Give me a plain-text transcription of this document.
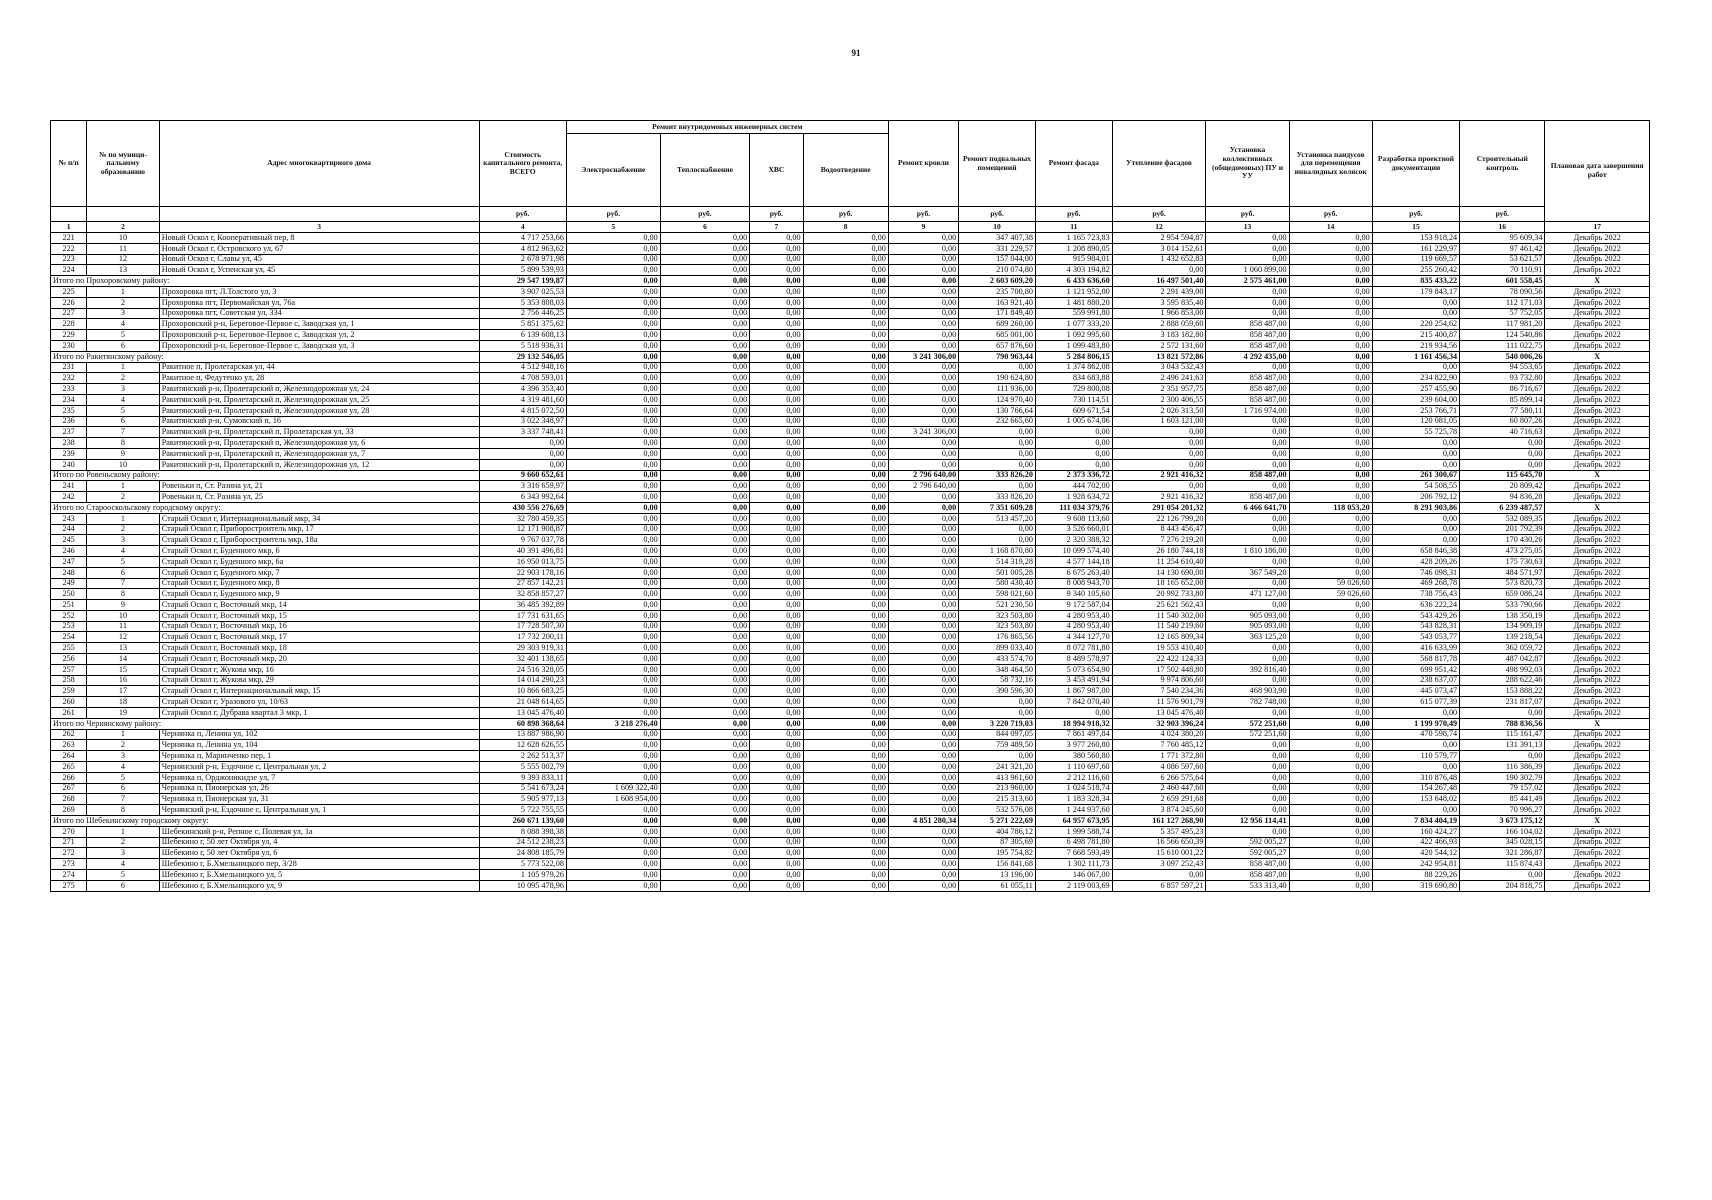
91
№ п/п	№ по муници-пальному образованию	Адрес многоквартирного дома	Стоимость капитального ремонта, ВСЕГО	Ремонт внутридомовых инженерных систем				Ремонт кровли	Ремонт подвальных помещений	Ремонт фасада	Утепление фасадов	Установка коллективных (общедомовых) ПУ и УУ	Установка пандусов для перемещения инвалидных колясок	Разработка проектной документации	Строительный контроль	Плановая дата завершения работ
				Электроснабжение	Теплоснабжение	ХВС	Водоотведение									
			руб.	руб.	руб.	руб.	руб.	руб.	руб.	руб.	руб.	руб.	руб.	руб.	руб.	
1	2	3	4	5	6	7	8	9	10	11	12	13	14	15	16	17
221	10	Новый Оскол г, Кооперативный пер, 8	4 717 253,66	0,00	0,00	0,00	0,00	0,00	347 407,38	1 165 723,83	2 954 594,87	0,00	0,00	153 918,24	95 609,34	Декабрь 2022
222	11	Новый Оскол г, Островского ул, 67	4 812 963,62	0,00	0,00	0,00	0,00	0,00	331 229,57	1 208 890,05	3 014 152,61	0,00	0,00	161 229,97	97 461,42	Декабрь 2022
223	12	Новый Оскол г, Славы ул, 45	2 678 971,98	0,00	0,00	0,00	0,00	0,00	157 044,00	915 984,01	1 432 652,83	0,00	0,00	119 669,57	53 621,57	Декабрь 2022
224	13	Новый Оскол г, Успенская ул, 45	5 899 539,93	0,00	0,00	0,00	0,00	0,00	210 074,80	4 303 194,82	0,00	1 060 899,00	0,00	255 260,42	70 110,91	Декабрь 2022
Итого по Прохоровскому району:			29 547 199,87	0,00	0,00	0,00	0,00	0,00	2 603 609,20	6 433 636,60	16 497 501,40	2 575 461,00	0,00	835 433,22	601 558,45	X
225	1	Прохоровка пгт, Л.Толстого ул, 3	3 907 025,53	0,00	0,00	0,00	0,00	0,00	235 700,80	1 121 952,00	2 291 439,00	0,00	0,00	179 843,17	78 090,56	Декабрь 2022
226	2	Прохоровка пгт, Первомайская ул, 76а	5 353 808,03	0,00	0,00	0,00	0,00	0,00	163 921,40	1 481 880,20	3 595 835,40	0,00	0,00	0,00	112 171,03	Декабрь 2022
227	3	Прохоровка пгт, Советская ул, 334	2 756 446,25	0,00	0,00	0,00	0,00	0,00	171 849,40	559 991,80	1 966 853,00	0,00	0,00	0,00	57 752,05	Декабрь 2022
228	4	Прохоровский р-н, Береговое-Первое с, Заводская ул, 1	5 851 375,62	0,00	0,00	0,00	0,00	0,00	689 260,00	1 077 333,20	2 888 059,60	858 487,00	0,00	220 254,62	117 981,20	Декабрь 2022
229	5	Прохоровский р-н, Береговое-Первое с, Заводская ул, 2	6 139 608,13	0,00	0,00	0,00	0,00	0,00	685 001,00	1 092 995,60	3 183 182,80	858 487,00	0,00	215 400,87	124 540,86	Декабрь 2022
230	6	Прохоровский р-н, Береговое-Первое с, Заводская ул, 3	5 518 936,31	0,00	0,00	0,00	0,00	0,00	657 876,60	1 099 483,80	2 572 131,60	858 487,00	0,00	219 934,56	111 022,75	Декабрь 2022
Итого по Ракитянскому району:			29 132 546,05	0,00	0,00	0,00	0,00	3 241 306,00	790 963,44	5 284 806,15	13 821 572,86	4 292 435,00	0,00	1 161 456,34	540 006,26	X
231	1	Ракитное п, Пролетарская ул, 44	4 512 948,16	0,00	0,00	0,00	0,00	0,00	0,00	1 374 862,08	3 043 532,43	0,00	0,00	0,00	94 553,65	Декабрь 2022
232	2	Ракитное п, Федутенко ул, 28	4 708 593,01	0,00	0,00	0,00	0,00	0,00	190 624,80	834 683,88	2 496 241,63	858 487,00	0,00	234 822,90	93 732,80	Декабрь 2022
233	3	Ракитянский р-н, Пролетарский п, Железнодорожная ул, 24	4 396 353,40	0,00	0,00	0,00	0,00	0,00	111 936,00	729 800,08	2 351 957,75	858 487,00	0,00	257 455,90	86 716,67	Декабрь 2022
234	4	Ракитянский р-н, Пролетарский п, Железнодорожная ул, 25	4 319 481,60	0,00	0,00	0,00	0,00	0,00	124 970,40	730 114,51	2 300 406,55	858 487,00	0,00	239 604,00	85 899,14	Декабрь 2022
235	5	Ракитянский р-н, Пролетарский п, Железнодорожная ул, 28	4 815 072,50	0,00	0,00	0,00	0,00	0,00	130 766,64	609 671,54	2 026 313,50	1 716 974,00	0,00	253 766,71	77 580,11	Декабрь 2022
236	6	Ракитянский р-н, Сумовский п, 16	3 022 348,97	0,00	0,00	0,00	0,00	0,00	232 665,60	1 005 674,06	1 603 121,00	0,00	0,00	120 081,05	60 807,26	Декабрь 2022
237	7	Ракитянский р-н, Пролетарский п, Пролетарская ул, 33	3 337 748,41	0,00	0,00	0,00	0,00	3 241 306,00	0,00	0,00	0,00	0,00	0,00	55 725,78	40 716,63	Декабрь 2022
238	8	Ракитянский р-н, Пролетарский п, Железнодорожная ул, 6	0,00	0,00	0,00	0,00	0,00	0,00	0,00	0,00	0,00	0,00	0,00	0,00	0,00	Декабрь 2022
239	9	Ракитянский р-н, Пролетарский п, Железнодорожная ул, 7	0,00	0,00	0,00	0,00	0,00	0,00	0,00	0,00	0,00	0,00	0,00	0,00	0,00	Декабрь 2022
240	10	Ракитянский р-н, Пролетарский п, Железнодорожная ул, 12	0,00	0,00	0,00	0,00	0,00	0,00	0,00	0,00	0,00	0,00	0,00	0,00	0,00	Декабрь 2022
Итого по Ровеньскому району:			9 660 652,61	0,00	0,00	0,00	0,00	2 796 640,00	333 826,20	2 373 336,72	2 921 416,32	858 487,00	0,00	261 300,67	115 645,70	X
241	1	Ровеньки п, Ст. Разина ул, 21	3 316 659,97	0,00	0,00	0,00	0,00	2 796 640,00	0,00	444 702,00	0,00	0,00	0,00	54 508,55	20 809,42	Декабрь 2022
242	2	Ровеньки п, Ст. Разина ул, 25	6 343 992,64	0,00	0,00	0,00	0,00	0,00	333 826,20	1 928 634,72	2 921 416,32	858 487,00	0,00	206 792,12	94 836,28	Декабрь 2022
Итого по Старооскольскому городскому округу:			430 556 276,69	0,00	0,00	0,00	0,00	0,00	7 351 609,28	111 034 379,76	291 054 201,32	6 466 641,70	118 053,20	8 291 903,86	6 239 487,57	X
243	1	Старый Оскол г, Интернациональный мкр, 34	32 780 459,35	0,00	0,00	0,00	0,00	0,00	513 457,20	9 608 113,60	22 126 799,20	0,00	0,00	0,00	532 089,35	Декабрь 2022
244	2	Старый Оскол г, Приборостроитель мкр, 17	12 171 908,87	0,00	0,00	0,00	0,00	0,00	0,00	3 526 660,01	8 443 456,47	0,00	0,00	0,00	201 792,39	Декабрь 2022
245	3	Старый Оскол г, Приборостроитель мкр, 18а	9 767 037,78	0,00	0,00	0,00	0,00	0,00	0,00	2 320 388,32	7 276 219,20	0,00	0,00	0,00	170 430,26	Декабрь 2022
246	4	Старый Оскол г, Буденного мкр, 6	40 391 496,81	0,00	0,00	0,00	0,00	0,00	1 168 870,80	10 099 574,40	26 180 744,18	1 810 186,00	0,00	658 846,38	473 275,05	Декабрь 2022
247	5	Старый Оскол г, Буденного мкр, 6а	16 950 013,75	0,00	0,00	0,00	0,00	0,00	514 319,28	4 577 144,18	11 254 610,40	0,00	0,00	428 209,26	175 730,63	Декабрь 2022
248	6	Старый Оскол г, Буденного мкр, 7	22 903 178,16	0,00	0,00	0,00	0,00	0,00	501 005,28	6 675 263,40	14 130 690,00	367 549,20	0,00	746 098,31	484 571,97	Декабрь 2022
249	7	Старый Оскол г, Буденного мкр, 8	27 857 142,21	0,00	0,00	0,00	0,00	0,00	580 430,40	8 008 943,70	18 165 652,00	0,00	59 026,60	469 268,78	573 820,73	Декабрь 2022
250	8	Старый Оскол г, Буденного мкр, 9	32 858 857,27	0,00	0,00	0,00	0,00	0,00	598 021,60	9 340 105,60	20 992 733,80	471 127,00	59 026,60	738 756,43	659 086,24	Декабрь 2022
251	9	Старый Оскол г, Восточный мкр, 14	36 485 392,89	0,00	0,00	0,00	0,00	0,00	521 230,50	9 172 587,04	25 621 562,43	0,00	0,00	636 222,24	533 790,66	Декабрь 2022
252	10	Старый Оскол г, Восточный мкр, 15	17 731 631,65	0,00	0,00	0,00	0,00	0,00	323 503,80	4 280 953,40	11 540 302,00	905 093,00	0,00	543 429,26	138 350,19	Декабрь 2022
253	11	Старый Оскол г, Восточный мкр, 16	17 728 507,30	0,00	0,00	0,00	0,00	0,00	323 503,80	4 280 953,40	11 540 219,60	905 093,00	0,00	543 828,31	134 909,19	Декабрь 2022
254	12	Старый Оскол г, Восточный мкр, 17	17 732 200,11	0,00	0,00	0,00	0,00	0,00	176 865,56	4 344 127,70	12 165 809,34	363 125,20	0,00	543 053,77	139 218,54	Декабрь 2022
255	13	Старый Оскол г, Восточный мкр, 18	29 303 919,31	0,00	0,00	0,00	0,00	0,00	899 033,40	8 072 781,80	19 553 410,40	0,00	0,00	416 633,99	362 059,72	Декабрь 2022
256	14	Старый Оскол г, Восточный мкр, 20	32 401 138,65	0,00	0,00	0,00	0,00	0,00	433 574,70	8 489 578,97	22 422 124,33	0,00	0,00	568 817,78	487 042,87	Декабрь 2022
257	15	Старый Оскол г, Жукова мкр, 16	24 516 328,05	0,00	0,00	0,00	0,00	0,00	348 464,50	5 073 654,90	17 502 448,80	392 816,40	0,00	699 951,42	498 992,03	Декабрь 2022
258	16	Старый Оскол г, Жукова мкр, 29	14 014 290,23	0,00	0,00	0,00	0,00	0,00	58 732,16	3 453 491,94	9 974 806,60	0,00	0,00	238 637,07	288 622,46	Декабрь 2022
259	17	Старый Оскол г, Интернациональный мкр, 15	10 866 683,25	0,00	0,00	0,00	0,00	0,00	390 596,30	1 867 987,00	7 540 234,36	468 903,90	0,00	445 073,47	153 888,22	Декабрь 2022
260	18	Старый Оскол г, Уразового ул, 10/63	21 048 614,65	0,00	0,00	0,00	0,00	0,00	0,00	7 842 070,40	11 576 901,79	782 748,00	0,00	615 077,39	231 817,07	Декабрь 2022
261	19	Старый Оскол г, Дубрава квартал 3 мкр, 1	13 045 476,40	0,00	0,00	0,00	0,00	0,00	0,00	0,00	13 045 476,40	0,00	0,00	0,00	0,00	Декабрь 2022
Итого по Чернянскому району:			60 898 368,64	3 218 276,40	0,00	0,00	0,00	0,00	3 220 719,03	18 994 918,32	32 903 396,24	572 251,60	0,00	1 199 970,49	788 836,56	X
262	1	Чернянка п, Ленина ул, 102	13 887 986,90	0,00	0,00	0,00	0,00	0,00	844 097,05	7 861 497,84	4 024 380,20	572 251,60	0,00	470 598,74	115 161,47	Декабрь 2022
263	2	Чернянка п, Ленина ул, 104	12 628 626,55	0,00	0,00	0,00	0,00	0,00	759 489,50	3 977 260,80	7 760 485,12	0,00	0,00	0,00	131 391,13	Декабрь 2022
264	3	Чернянка п, Маринченко пер, 1	2 262 513,37	0,00	0,00	0,00	0,00	0,00	0,00	380 560,80	1 771 372,80	0,00	0,00	110 579,77	0,00	Декабрь 2022
265	4	Чернянский р-н, Ездочное с, Центральная ул, 2	5 555 002,79	0,00	0,00	0,00	0,00	0,00	241 321,20	1 110 697,60	4 086 597,60	0,00	0,00	0,00	116 386,39	Декабрь 2022
266	5	Чернянка п, Орджоникидзе ул, 7	9 393 833,11	0,00	0,00	0,00	0,00	0,00	413 961,60	2 212 116,60	6 266 575,64	0,00	0,00	310 876,48	190 302,79	Декабрь 2022
267	6	Чернянка п, Пионерская ул, 26	5 541 673,24	1 609 322,40	0,00	0,00	0,00	0,00	213 960,00	1 024 518,74	2 460 447,60	0,00	0,00	154 267,48	79 157,02	Декабрь 2022
268	7	Чернянка п, Пионерская ул, 31	5 905 977,13	1 608 954,00	0,00	0,00	0,00	0,00	215 313,60	1 183 328,34	2 659 291,68	0,00	0,00	153 648,02	85 441,49	Декабрь 2022
269	8	Чернянский р-н, Ездочное с, Центральная ул, 1	5 722 755,55	0,00	0,00	0,00	0,00	0,00	532 576,08	1 244 937,60	3 874 245,60	0,00	0,00	0,00	70 996,27	Декабрь 2022
Итого по Шебекинскому городскому округу:			260 671 139,60	0,00	0,00	0,00	0,00	4 851 280,34	5 271 222,69	64 957 673,95	161 127 268,90	12 956 114,41	0,00	7 834 404,19	3 673 175,12	X
270	1	Шебекинский р-н, Репное с, Полевая ул, 1а	8 088 398,38	0,00	0,00	0,00	0,00	0,00	404 786,12	1 999 588,74	5 357 495,23	0,00	0,00	160 424,27	166 104,02	Декабрь 2022
271	2	Шебекино г, 50 лет Октября ул, 4	24 512 238,23	0,00	0,00	0,00	0,00	0,00	87 305,69	6 498 781,80	16 566 650,39	592 005,27	0,00	422 466,93	345 028,15	Декабрь 2022
272	3	Шебекино г, 50 лет Октября ул, 6	24 808 185,79	0,00	0,00	0,00	0,00	0,00	195 754,82	7 668 593,49	15 610 001,22	592 005,27	0,00	420 544,12	321 286,87	Декабрь 2022
273	4	Шебекино г, Б.Хмельницкого пер, 3/28	5 773 522,08	0,00	0,00	0,00	0,00	0,00	156 841,68	1 302 111,73	3 097 252,43	858 487,00	0,00	242 954,81	115 874,43	Декабрь 2022
274	5	Шебекино г, Б.Хмельницкого ул, 5	1 105 979,26	0,00	0,00	0,00	0,00	0,00	13 196,00	146 067,00	0,00	858 487,00	0,00	88 229,26	0,00	Декабрь 2022
275	6	Шебекино г, Б.Хмельницкого ул, 9	10 095 478,96	0,00	0,00	0,00	0,00	0,00	61 055,11	2 119 003,69	6 857 597,21	533 313,40	0,00	319 690,80	204 818,75	Декабрь 2022
